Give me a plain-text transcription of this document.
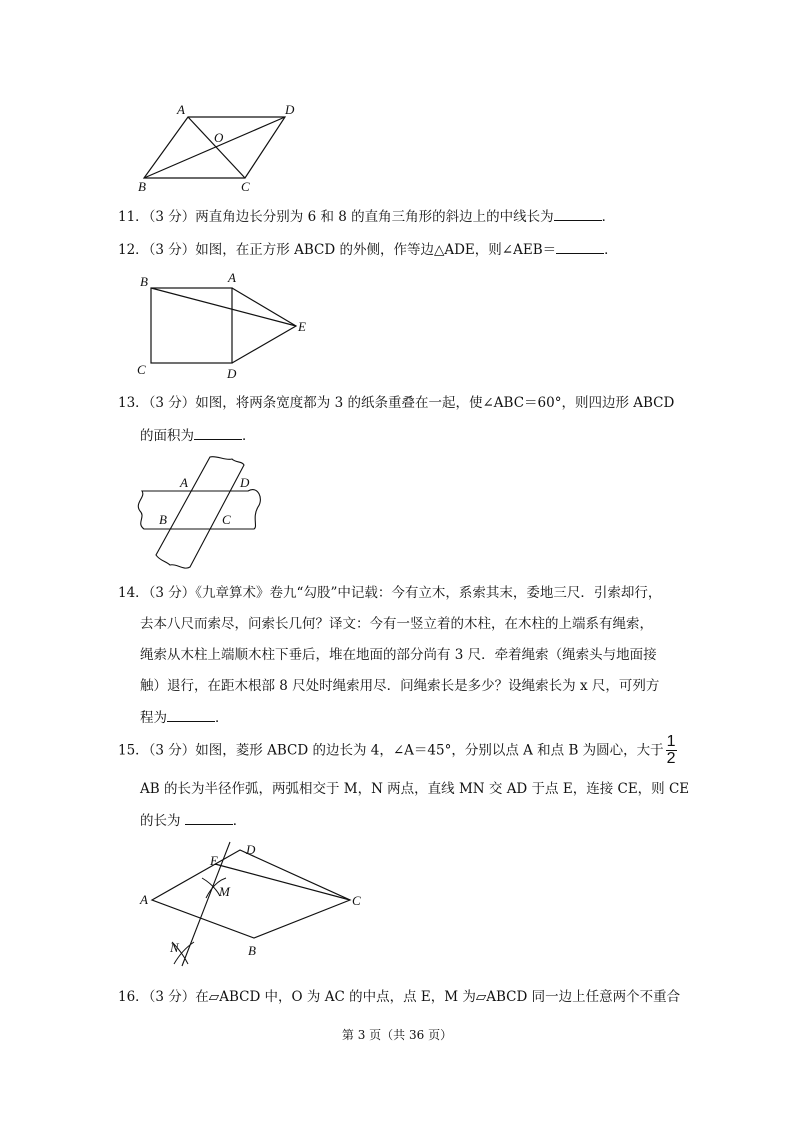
A	D
O
B	C
11．（3 分）两直角边长分别为 6 和 8 的直角三角形的斜边上的中线长为	．
12．（3 分）如图，在正方形 ABCD 的外侧，作等边△ADE，则∠AEB＝	．
B	A
E
C	D
13．（3 分）如图，将两条宽度都为 3 的纸条重叠在一起，使∠ABC＝60°，则四边形 ABCD
的面积为	．
A	D
B	C
14．（3 分）《九章算术》卷九“勾股”中记载：今有立木，系索其末，委地三尺．引索却行，
去本八尺而索尽，问索长几何？译文：今有一竖立着的木柱，在木柱的上端系有绳索，
绳索从木柱上端顺木柱下垂后，堆在地面的部分尚有 3 尺．牵着绳索（绳索头与地面接
触）退行，在距木根部 8 尺处时绳索用尽．问绳索长是多少？设绳索长为 x 尺，可列方
程为	．
15．（3 分）如图，菱形 ABCD 的边长为 4，∠A＝45°，分别以点 A 和点 B 为圆心，大于 $\frac{1}{2}$
AB 的长为半径作弧，两弧相交于 M，N 两点，直线 MN 交 AD 于点 E，连接 CE，则 CE
的长为	．
E
D
M
A	C
N	B
16．（3 分）在▱ABCD 中，O 为 AC 的中点，点 E，M 为▱ABCD 同一边上任意两个不重合
第 3 页（共 36 页）
